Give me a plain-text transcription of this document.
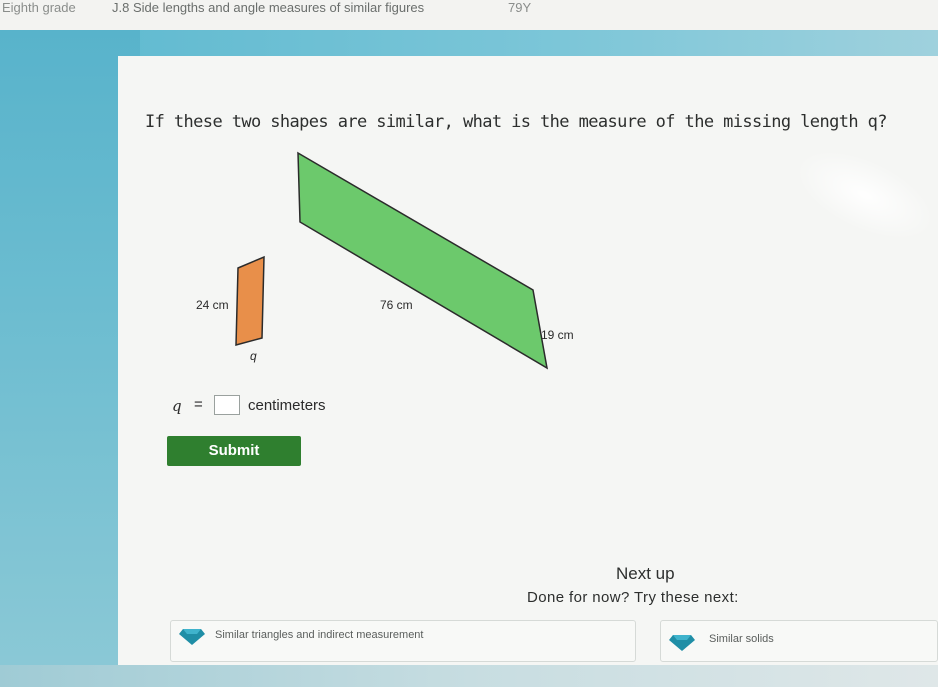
Eighth grade	J.8 Side lengths and angle measures of similar figures	79Y
If these two shapes are similar, what is the measure of the missing length q?
24 cm
q
76 cm
19 cm
q =	centimeters
Submit
Next up
Done for now? Try these next:
Similar triangles and indirect measurement	Similar solids
